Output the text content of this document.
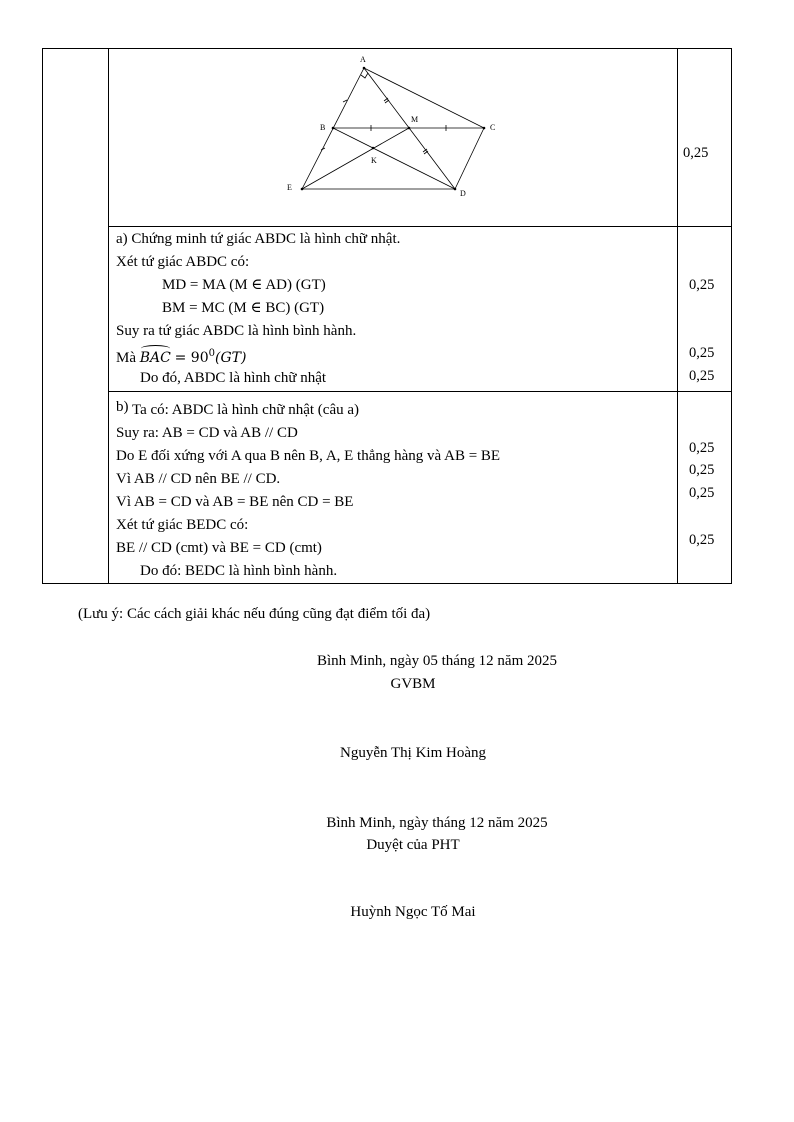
A
B	C
D
E
M
K	0,25
a) Chứng minh tứ giác ABDC là hình chữ nhật.
Xét tứ giác ABDC có:
MD = MA (M ∈ AD) (GT)
BM = MC (M ∈ BC) (GT)
Suy ra tứ giác ABDC là hình bình hành.
Mà BAC = $90^0(GT)$
Do đó, ABDC là hình chữ nhật
0,25
0,25
0,25
b) Ta có: ABDC là hình chữ nhật (câu a)
Suy ra: AB = CD và AB // CD
Do E đối xứng với A qua B nên B, A, E thẳng hàng và AB = BE
Vì AB // CD nên BE // CD.
Vì AB = CD và AB = BE nên CD = BE
Xét tứ giác BEDC có:
BE // CD (cmt) và BE = CD (cmt)
Do đó: BEDC là hình bình hành.
0,25
0,25
0,25
0,25
(Lưu ý: Các cách giải khác nếu đúng cũng đạt điểm tối đa)
Bình Minh, ngày 05 tháng 12 năm 2025
GVBM
Nguyễn Thị Kim Hoàng
Bình Minh, ngày tháng 12 năm 2025
Duyệt của PHT
Huỳnh Ngọc Tố Mai
